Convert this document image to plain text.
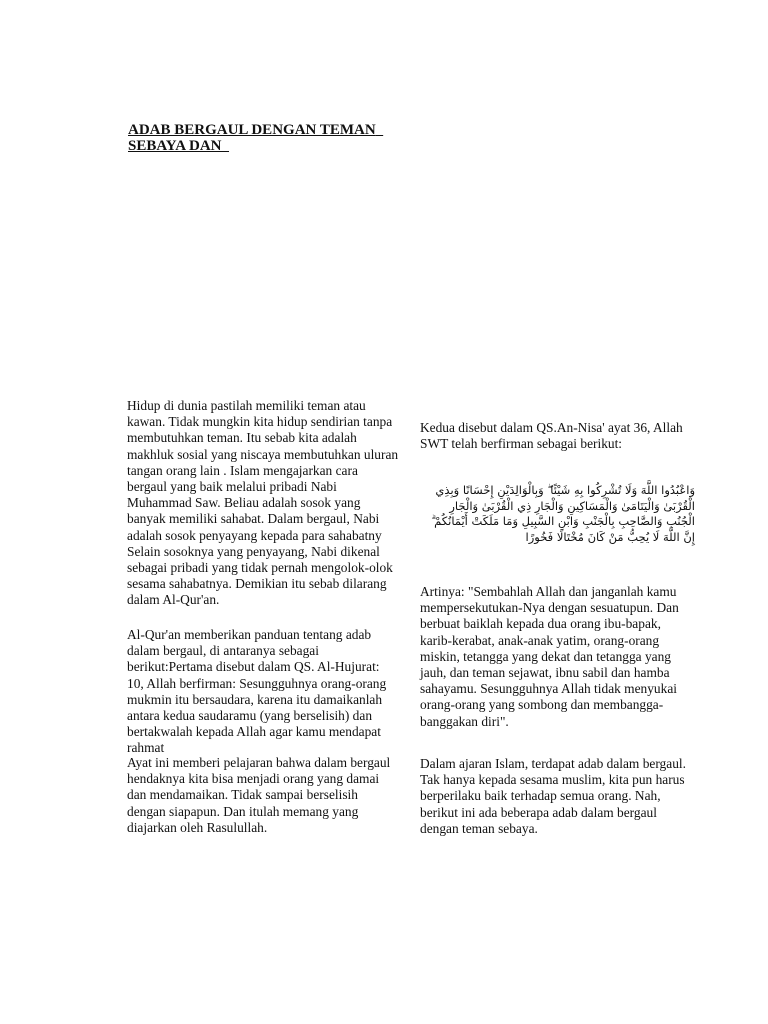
ADAB BERGAUL DENGAN TEMAN  SEBAYA DAN

Hidup di dunia pastilah memiliki teman atau kawan. Tidak mungkin kita hidup sendirian tanpa membutuhkan teman. Itu sebab kita adalah makhluk sosial yang niscaya membutuhkan uluran tangan orang lain . Islam mengajarkan cara bergaul yang baik melalui pribadi Nabi Muhammad Saw. Beliau adalah sosok yang banyak memiliki sahabat. Dalam bergaul, Nabi adalah sosok penyayang kepada para sahabatny Selain sosoknya yang penyayang, Nabi dikenal sebagai pribadi yang tidak pernah mengolok-olok sesama sahabatnya. Demikian itu sebab dilarang dalam Al-Qur'an.

Al-Qur'an memberikan panduan tentang adab dalam bergaul, di antaranya sebagai berikut:Pertama disebut dalam QS. Al-Hujurat: 10, Allah berfirman: Sesungguhnya orang-orang mukmin itu bersaudara, karena itu damaikanlah antara kedua saudaramu (yang berselisih) dan bertakwalah kepada Allah agar kamu mendapat rahmat

Ayat ini memberi pelajaran bahwa dalam bergaul hendaknya kita bisa menjadi orang yang damai dan mendamaikan. Tidak sampai berselisih dengan siapapun. Dan itulah memang yang diajarkan oleh Rasulullah.

Kedua disebut dalam QS.An-Nisa' ayat 36, Allah SWT telah berfirman sebagai berikut:

وَاعْبُدُوا اللَّهَ وَلَا تُشْرِكُوا بِهِ شَيْئًا ۖ وَبِالْوَالِدَيْنِ إِحْسَانًا وَبِذِي الْقُرْبَىٰ وَالْيَتَامَىٰ وَالْمَسَاكِينِ وَالْجَارِ ذِي الْقُرْبَىٰ وَالْجَارِ الْجُنُبِ وَالصَّاحِبِ بِالْجَنْبِ وَابْنِ السَّبِيلِ وَمَا مَلَكَتْ أَيْمَانُكُمْ ۗ إِنَّ اللَّهَ لَا يُحِبُّ مَنْ كَانَ مُخْتَالًا فَخُورًا

Artinya: "Sembahlah Allah dan janganlah kamu mempersekutukan-Nya dengan sesuatupun. Dan berbuat baiklah kepada dua orang ibu-bapak, karib-kerabat, anak-anak yatim, orang-orang miskin, tetangga yang dekat dan tetangga yang jauh, dan teman sejawat, ibnu sabil dan hamba sahayamu. Sesungguhnya Allah tidak menyukai orang-orang yang sombong dan membangga-banggakan diri".

Dalam ajaran Islam, terdapat adab dalam bergaul. Tak hanya kepada sesama muslim, kita pun harus berperilaku baik terhadap semua orang. Nah, berikut ini ada beberapa adab dalam bergaul dengan teman sebaya.
